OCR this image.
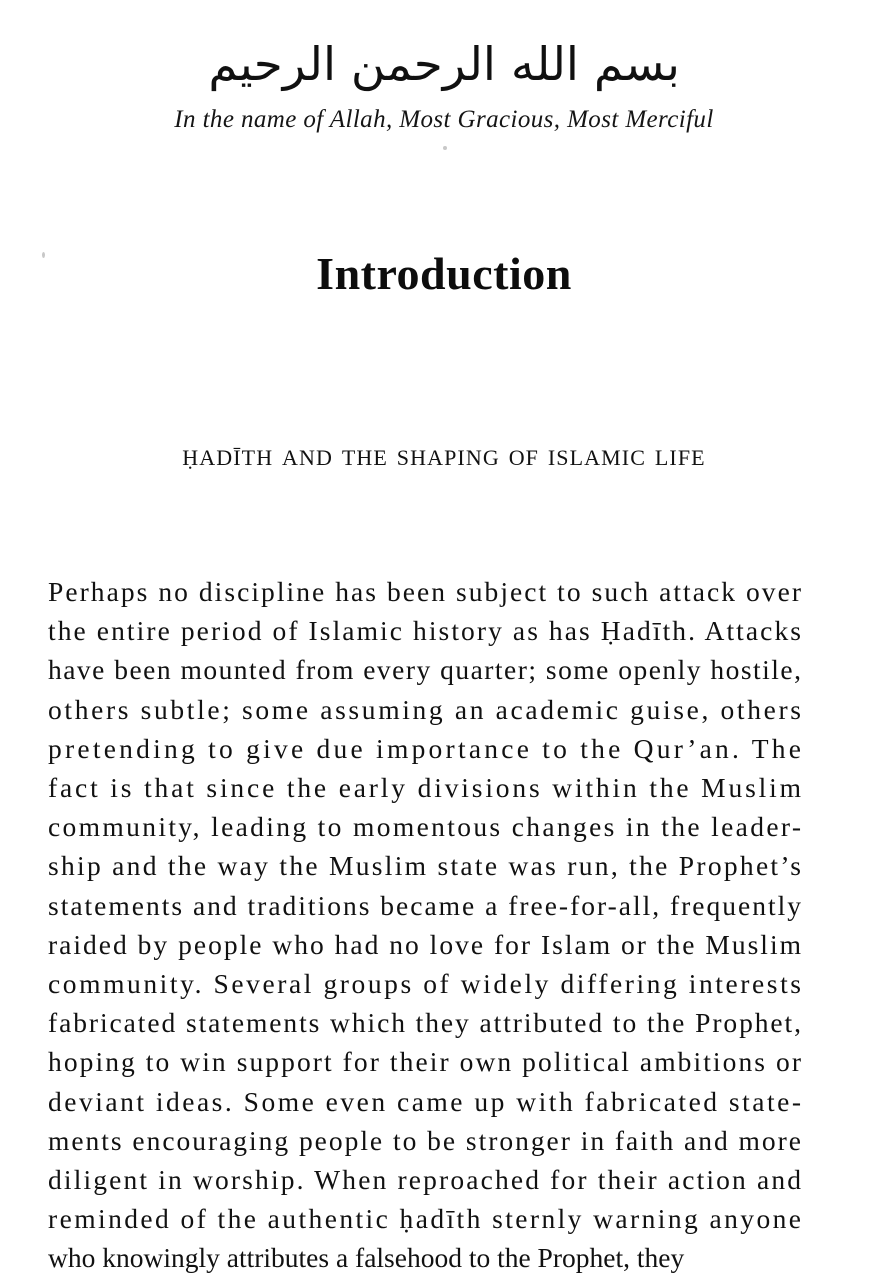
بسم الله الرحمن الرحيم
In the name of Allah, Most Gracious, Most Merciful
Introduction
ḥadīth and the shaping of islamic life

Perhaps no discipline has been subject to such attack over
the entire period of Islamic history as has Ḥadīth. Attacks
have been mounted from every quarter; some openly hostile,
others subtle; some assuming an academic guise, others
pretending to give due importance to the Qur’an. The
fact is that since the early divisions within the Muslim
community, leading to momentous changes in the leader-
ship and the way the Muslim state was run, the Prophet’s
statements and traditions became a free-for-all, frequently
raided by people who had no love for Islam or the Muslim
community. Several groups of widely differing interests
fabricated statements which they attributed to the Prophet,
hoping to win support for their own political ambitions or
deviant ideas. Some even came up with fabricated state-
ments encouraging people to be stronger in faith and more
diligent in worship. When reproached for their action and
reminded of the authentic ḥadīth sternly warning anyone
who knowingly attributes a falsehood to the Prophet, they
